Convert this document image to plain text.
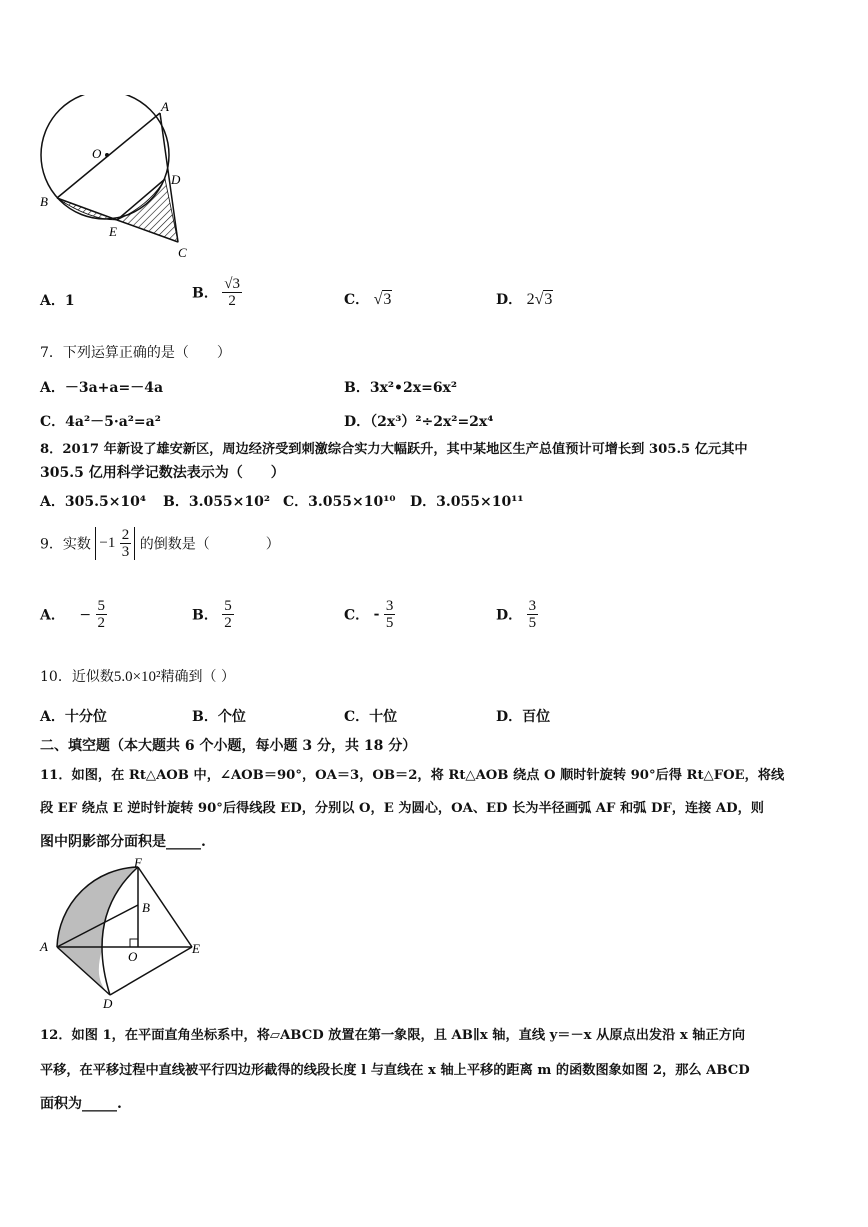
A
O
D
B
E
C
A．1	B． $\frac{√3}{2}$	C． √3	D． 2√3
7．下列运算正确的是（　　）
A．－3a+a=－4a	B．3x²•2x=6x²
C．4a²－5·a²=a²	D．（2x³）²÷2x²=2x⁴
8．2017 年新设了雄安新区，周边经济受到刺激综合实力大幅跃升，其中某地区生产总值预计可增长到 305.5 亿元其中
305.5 亿用科学记数法表示为（　　）
A．305.5×10⁴ B．3.055×10² C．3.055×10¹⁰ D．3.055×10¹¹
9．实数 $-1 \frac{2}{3}$ 的倒数是（　　　　）
A． − $\frac{5}{2}$	B． $\frac{5}{2}$	C． - $\frac{3}{5}$	D． $\frac{3}{5}$
10．近似数5.0×10²精确到（ ）
A．十分位	B．个位	C．十位	D．百位
二、填空题（本大题共 6 个小题，每小题 3 分，共 18 分）
11．如图，在 Rt△AOB 中，∠AOB＝90°，OA＝3，OB＝2，将 Rt△AOB 绕点 O 顺时针旋转 90°后得 Rt△FOE，将线
段 EF 绕点 E 逆时针旋转 90°后得线段 ED，分别以 O，E 为圆心，OA、ED 长为半径画弧 AF 和弧 DF，连接 AD，则
图中阴影部分面积是_____.
F
B
A
O
E
D
12．如图 1，在平面直角坐标系中，将▱ABCD 放置在第一象限，且 AB∥x 轴，直线 y＝－x 从原点出发沿 x 轴正方向
平移，在平移过程中直线被平行四边形截得的线段长度 l 与直线在 x 轴上平移的距离 m 的函数图象如图 2，那么 ABCD
面积为_____.
